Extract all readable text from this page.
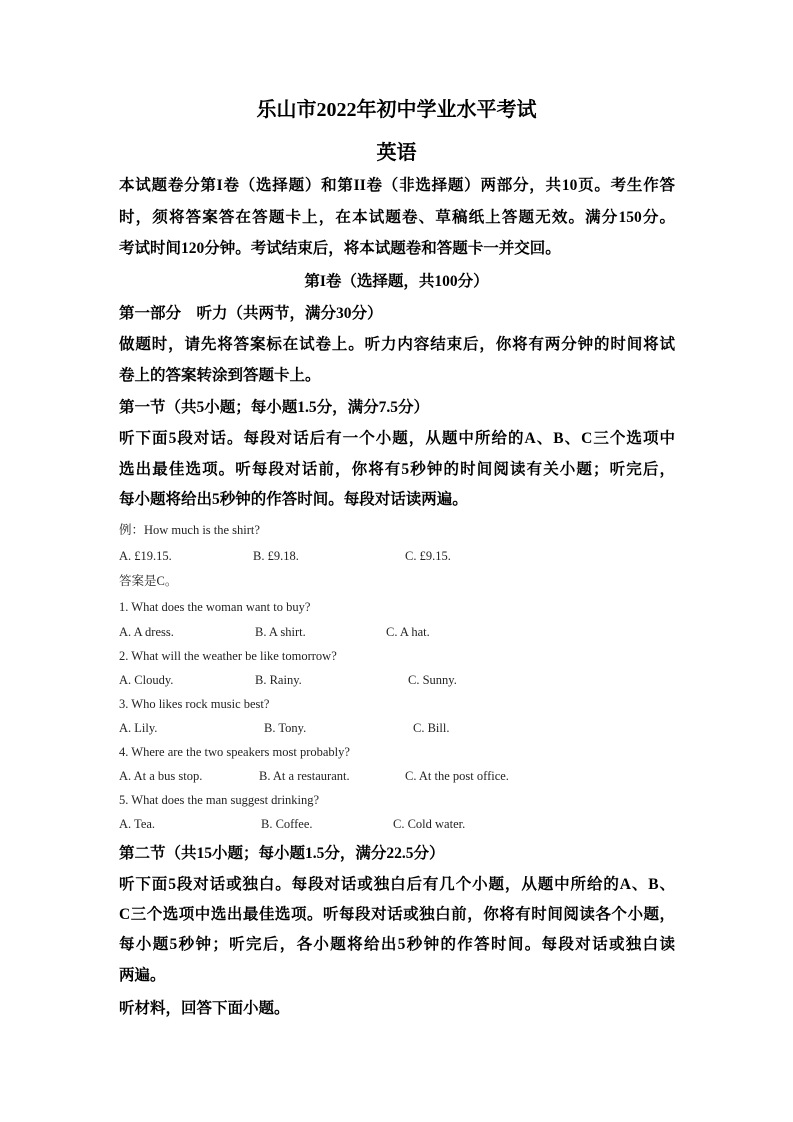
乐山市2022年初中学业水平考试
英语
本试题卷分第I卷（选择题）和第II卷（非选择题）两部分，共10页。考生作答
时，须将答案答在答题卡上，在本试题卷、草稿纸上答题无效。满分150分。
考试时间120分钟。考试结束后，将本试题卷和答题卡一并交回。
第I卷（选择题，共100分）
第一部分　听力（共两节，满分30分）
做题时，请先将答案标在试卷上。听力内容结束后，你将有两分钟的时间将试
卷上的答案转涂到答题卡上。
第一节（共5小题；每小题1.5分，满分7.5分）
听下面5段对话。每段对话后有一个小题，从题中所给的A、B、C三个选项中
选出最佳选项。听每段对话前，你将有5秒钟的时间阅读有关小题；听完后，
每小题将给出5秒钟的作答时间。每段对话读两遍。
例：How much is the shirt?
A. £19.15.	B. £9.18.	C. £9.15.
答案是C。
1. What does the woman want to buy?
A. A dress.	B. A shirt.	C. A hat.
2. What will the weather be like tomorrow?
A. Cloudy.	B. Rainy.	C. Sunny.
3. Who likes rock music best?
A. Lily.	B. Tony.	C. Bill.
4. Where are the two speakers most probably?
A. At a bus stop.	B. At a restaurant.	C. At the post office.
5. What does the man suggest drinking?
A. Tea.	B. Coffee.	C. Cold water.
第二节（共15小题；每小题1.5分，满分22.5分）
听下面5段对话或独白。每段对话或独白后有几个小题，从题中所给的A、B、
C三个选项中选出最佳选项。听每段对话或独白前，你将有时间阅读各个小题，
每小题5秒钟；听完后，各小题将给出5秒钟的作答时间。每段对话或独白读
两遍。
听材料，回答下面小题。
